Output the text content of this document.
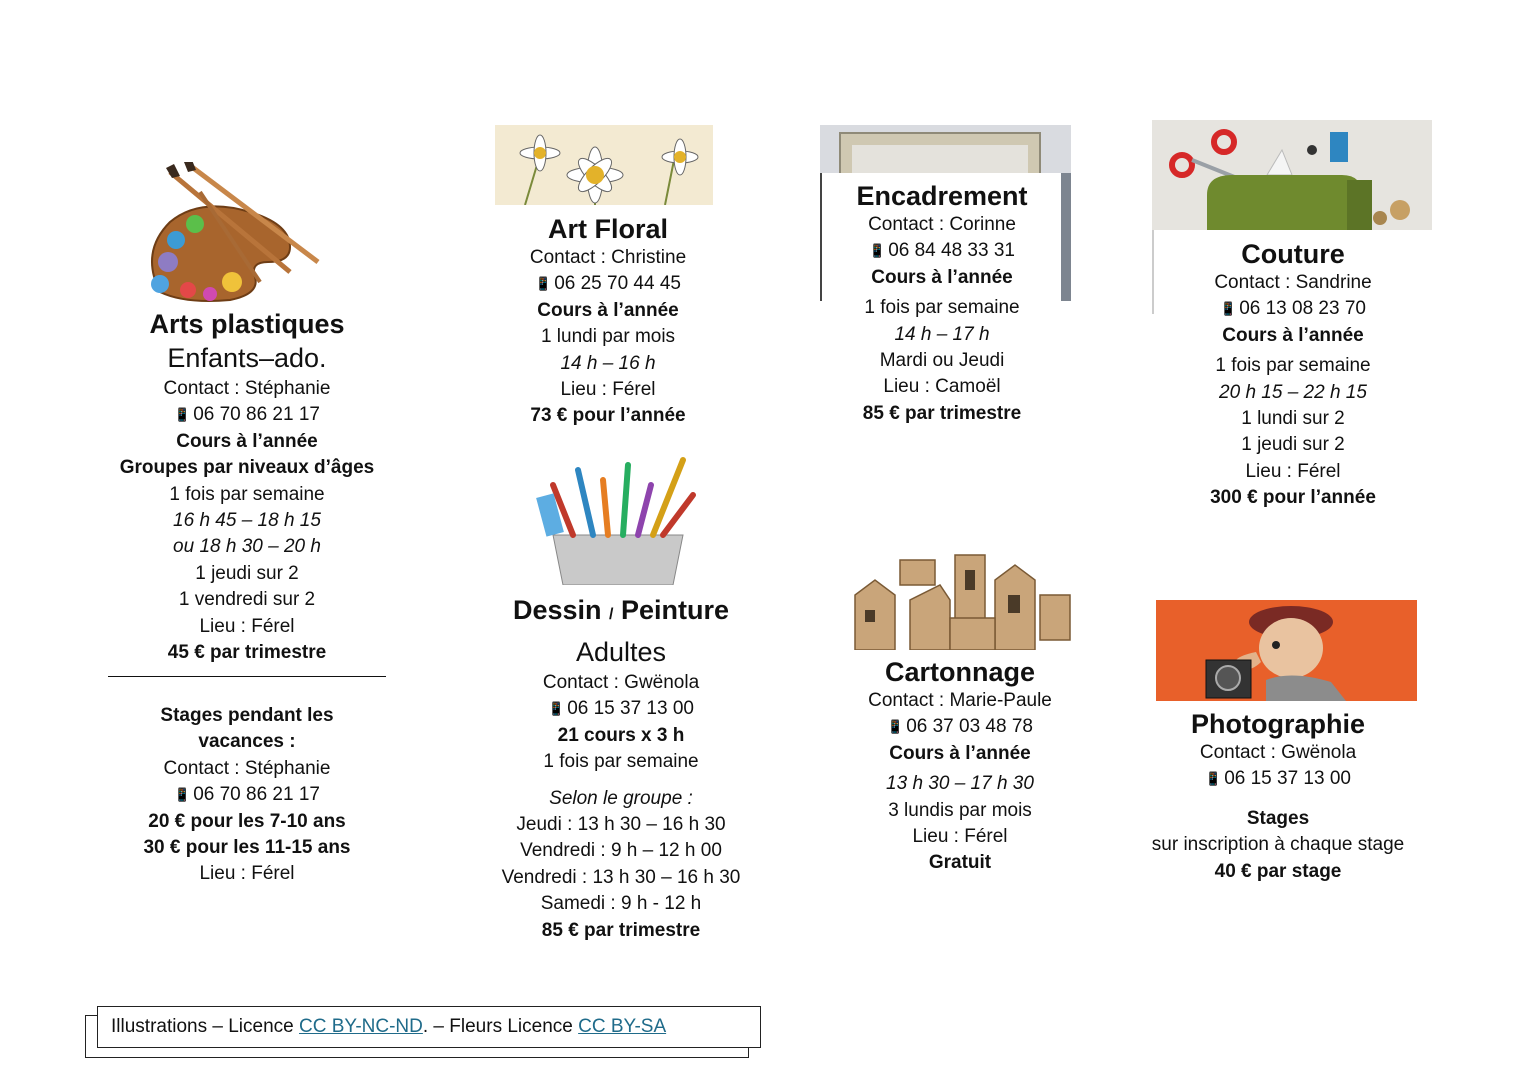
Arts plastiques
Enfants–ado.
Contact : Stéphanie
📱 06 70 86 21 17
Cours à l’année
Groupes par niveaux d’âges
1 fois par semaine
16 h 45 – 18 h 15
ou 18 h 30 – 20 h
1 jeudi sur 2
1 vendredi sur 2
Lieu : Férel
45 € par trimestre
Stages pendant les
vacances :
Contact : Stéphanie
📱 06 70 86 21 17
20 € pour les 7-10 ans
30 € pour les 11-15 ans
Lieu : Férel
Art Floral
Contact : Christine
📱 06 25 70 44 45
Cours à l’année
1 lundi par mois
14 h – 16 h
Lieu : Férel
73 € pour l’année
Dessin / Peinture
Adultes
Contact : Gwënola
📱 06 15 37 13 00
21 cours x 3 h
1 fois par semaine
Selon le groupe :
Jeudi : 13 h 30 – 16 h 30
Vendredi : 9 h – 12 h 00
Vendredi : 13 h 30 – 16 h 30
Samedi : 9 h - 12 h
85 € par trimestre
Encadrement
Contact : Corinne
📱 06 84 48 33 31
Cours à l’année
1 fois par semaine
14 h – 17 h
Mardi ou Jeudi
Lieu : Camoël
85 € par trimestre
Cartonnage
Contact : Marie-Paule
📱 06 37 03 48 78
Cours à l’année
13 h 30 – 17 h 30
3 lundis par mois
Lieu : Férel
Gratuit
Couture
Contact : Sandrine
📱 06 13 08 23 70
Cours à l’année
1 fois par semaine
20 h 15 – 22 h 15
1 lundi sur 2
1 jeudi sur 2
Lieu : Férel
300 € pour l’année
Photographie
Contact : Gwënola
📱 06 15 37 13 00
Stages
sur inscription à chaque stage
40 € par stage
Illustrations – Licence CC BY-NC-ND. – Fleurs Licence CC BY-SA
